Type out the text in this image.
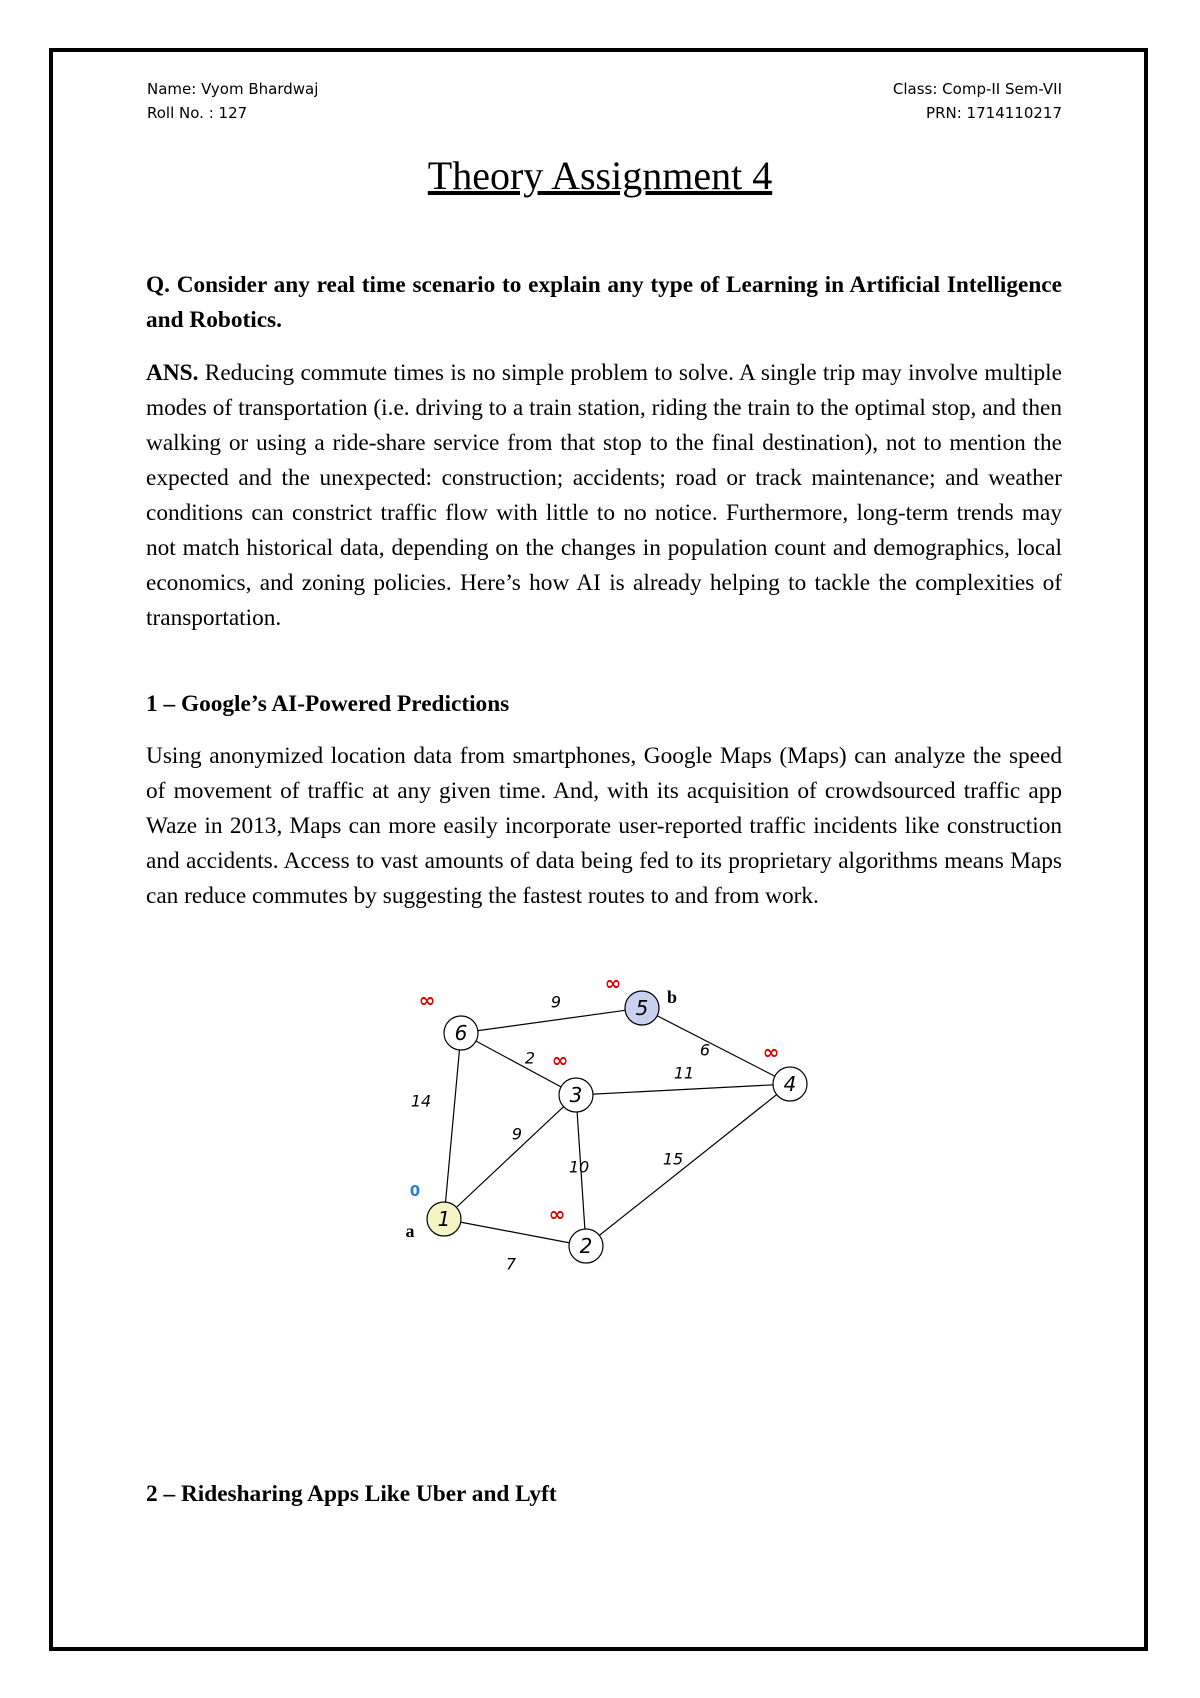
Name: Vyom Bhardwaj
Roll No. : 127
Class: Comp-II Sem-VII
PRN: 1714110217
Theory Assignment 4

Q. Consider any real time scenario to explain any type of Learning in Artificial Intelligence and Robotics.

ANS. Reducing commute times is no simple problem to solve. A single trip may involve multiple modes of transportation (i.e. driving to a train station, riding the train to the optimal stop, and then walking or using a ride-share service from that stop to the final destination), not to mention the expected and the unexpected: construction; accidents; road or track maintenance; and weather conditions can constrict traffic flow with little to no notice. Furthermore, long-term trends may not match historical data, depending on the changes in population count and demographics, local economics, and zoning policies. Here’s how AI is already helping to tackle the complexities of transportation.

1 – Google’s AI-Powered Predictions

Using anonymized location data from smartphones, Google Maps (Maps) can analyze the speed of movement of traffic at any given time. And, with its acquisition of crowdsourced traffic app Waze in 2013, Maps can more easily incorporate user-reported traffic incidents like construction and accidents. Access to vast amounts of data being fed to its proprietary algorithms means Maps can reduce commutes by suggesting the fastest routes to and from work.

9
6
2
11
14
9
10	15
7
1
0
a
2
∞
3
∞
4
∞
5
∞
b
6
∞
2 – Ridesharing Apps Like Uber and Lyft
